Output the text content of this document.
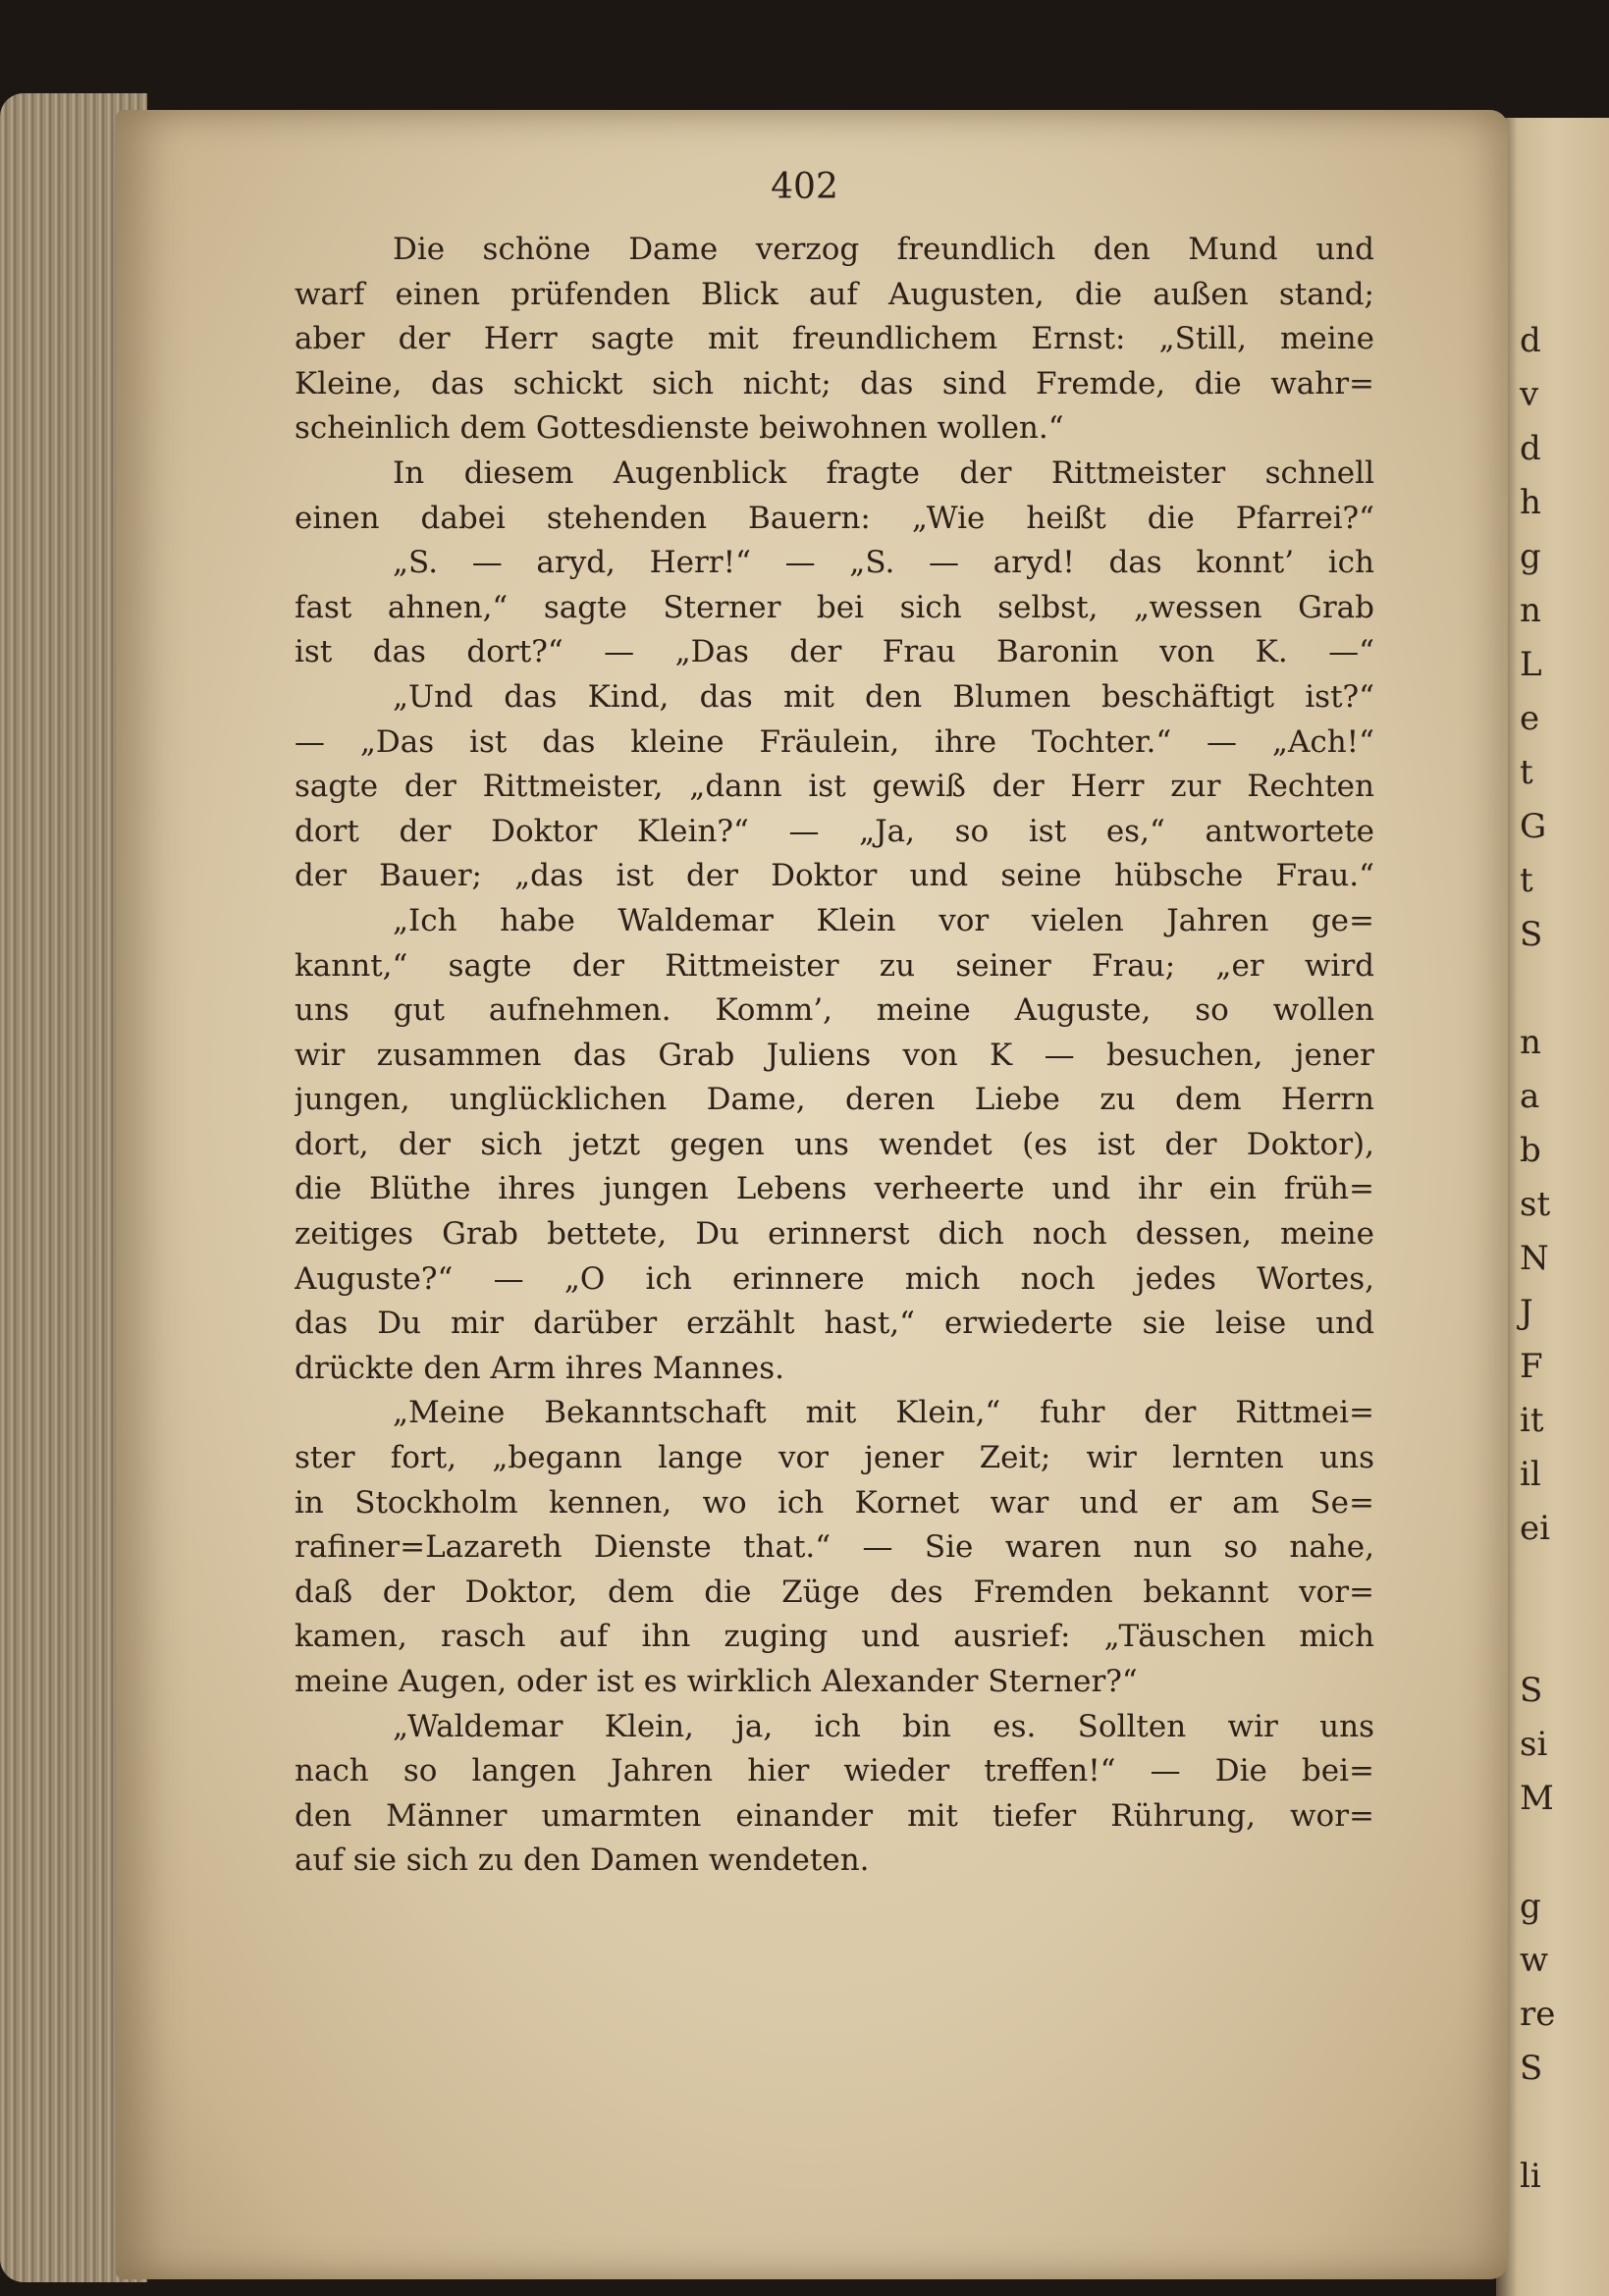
402
Die schöne Dame verzog freundlich den Mund und
warf einen prüfenden Blick auf Augusten, die außen stand;
aber der Herr sagte mit freundlichem Ernst: „Still, meine
Kleine, das schickt sich nicht; das sind Fremde, die wahr=
scheinlich dem Gottesdienste beiwohnen wollen.“
In diesem Augenblick fragte der Rittmeister schnell
einen dabei stehenden Bauern: „Wie heißt die Pfarrei?“
„S. — aryd, Herr!“ — „S. — aryd! das konnt’ ich
fast ahnen,“ sagte Sterner bei sich selbst, „wessen Grab
ist das dort?“ — „Das der Frau Baronin von K. —“
„Und das Kind, das mit den Blumen beschäftigt ist?“
— „Das ist das kleine Fräulein, ihre Tochter.“ — „Ach!“
sagte der Rittmeister, „dann ist gewiß der Herr zur Rechten
dort der Doktor Klein?“ — „Ja, so ist es,“ antwortete
der Bauer; „das ist der Doktor und seine hübsche Frau.“
„Ich habe Waldemar Klein vor vielen Jahren ge=
kannt,“ sagte der Rittmeister zu seiner Frau; „er wird
uns gut aufnehmen. Komm’, meine Auguste, so wollen
wir zusammen das Grab Juliens von K — besuchen, jener
jungen, unglücklichen Dame, deren Liebe zu dem Herrn
dort, der sich jetzt gegen uns wendet (es ist der Doktor),
die Blüthe ihres jungen Lebens verheerte und ihr ein früh=
zeitiges Grab bettete, Du erinnerst dich noch dessen, meine
Auguste?“ — „O ich erinnere mich noch jedes Wortes,
das Du mir darüber erzählt hast,“ erwiederte sie leise und
drückte den Arm ihres Mannes.
„Meine Bekanntschaft mit Klein,“ fuhr der Rittmei=
ster fort, „begann lange vor jener Zeit; wir lernten uns
in Stockholm kennen, wo ich Kornet war und er am Se=
rafiner=Lazareth Dienste that.“ — Sie waren nun so nahe,
daß der Doktor, dem die Züge des Fremden bekannt vor=
kamen, rasch auf ihn zuging und ausrief: „Täuschen mich
meine Augen, oder ist es wirklich Alexander Sterner?“
„Waldemar Klein, ja, ich bin es. Sollten wir uns
nach so langen Jahren hier wieder treffen!“ — Die bei=
den Männer umarmten einander mit tiefer Rührung, wor=
auf sie sich zu den Damen wendeten.
d
v
d
h
g
n
L
e
t
G
t
S
n
a
b
st
N
J
F
it
il
ei
S
si
M
g
w
re
S
li
